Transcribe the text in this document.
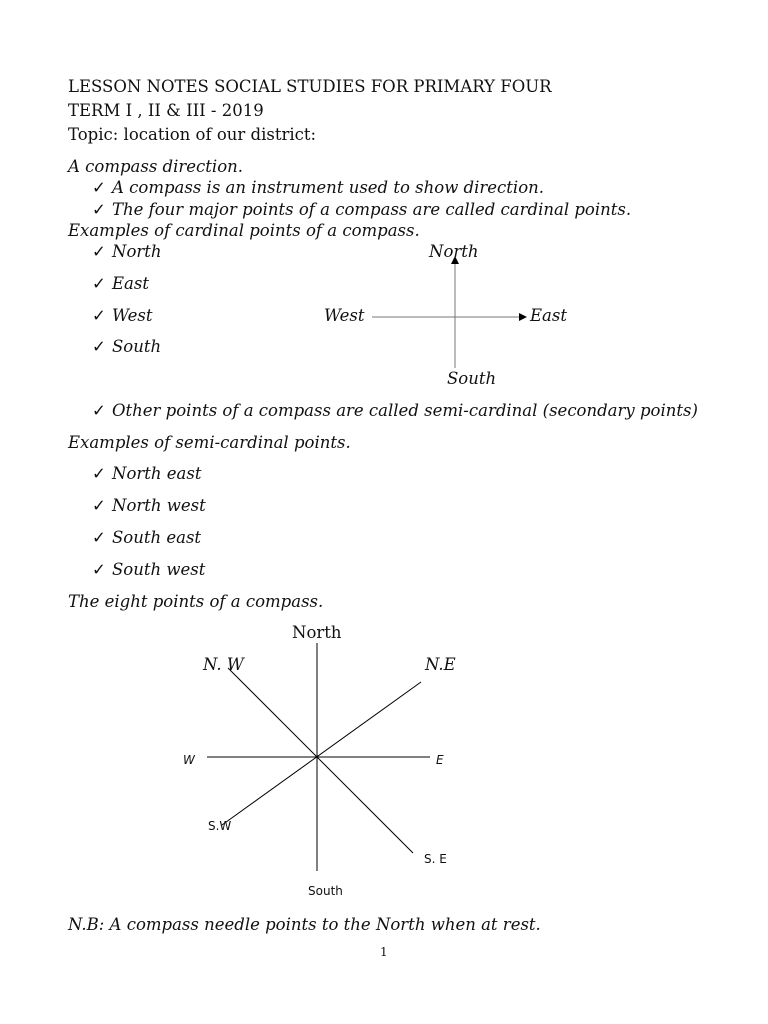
LESSON NOTES SOCIAL STUDIES FOR PRIMARY FOUR
TERM I , II & III - 2019
Topic: location of our district:
A compass direction.
✓ A compass is an instrument used to show direction.
✓ The four major points of a compass are called cardinal points.
Examples of cardinal points of a compass.
✓ North
✓ East
✓ West
✓ South
North
West	East
South
✓ Other points of a compass are called semi-cardinal (secondary points)
Examples of semi-cardinal points.
✓ North east
✓ North west
✓ South east
✓ South west
The eight points of a compass.
North
N. W	N.E
W	E
S.W
S. E
South
N.B: A compass needle points to the North when at rest.
1
